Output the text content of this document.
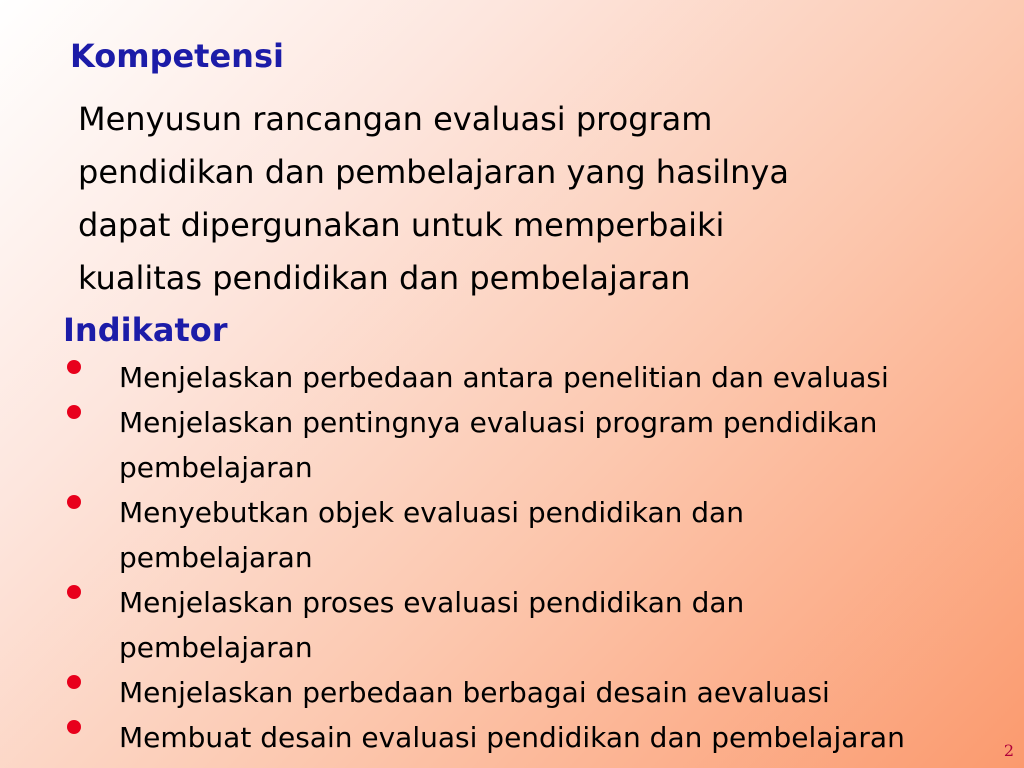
Kompetensi

Menyusun rancangan evaluasi program
pendidikan dan pembelajaran yang hasilnya
dapat dipergunakan untuk memperbaiki
kualitas pendidikan dan pembelajaran

Indikator
Menjelaskan perbedaan antara penelitian dan evaluasi
Menjelaskan pentingnya evaluasi program pendidikan
pembelajaran
Menyebutkan objek evaluasi pendidikan dan
pembelajaran
Menjelaskan proses evaluasi pendidikan dan
pembelajaran
Menjelaskan perbedaan berbagai desain aevaluasi
Membuat desain evaluasi pendidikan dan pembelajaran	2
